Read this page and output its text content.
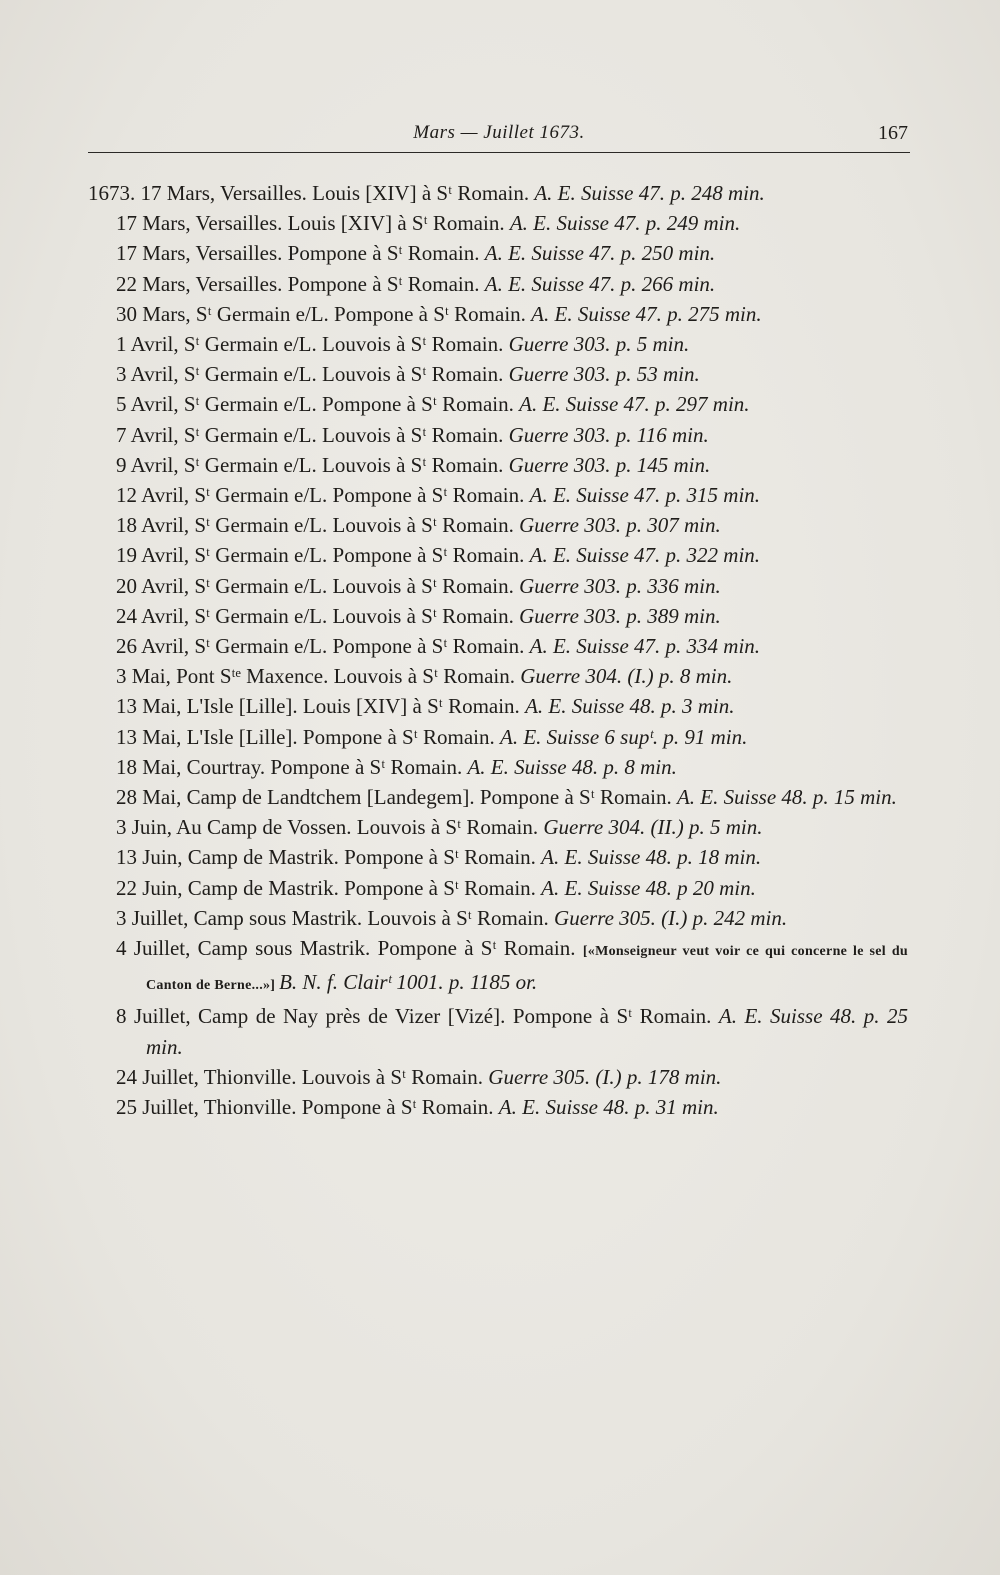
Mars — Juillet 1673.	167
1673. 17 Mars, Versailles. Louis [XIV] à Sᵗ Romain. A. E. Suisse 47. p. 248 min.
17 Mars, Versailles. Louis [XIV] à Sᵗ Romain. A. E. Suisse 47. p. 249 min.
17 Mars, Versailles. Pompone à Sᵗ Romain. A. E. Suisse 47. p. 250 min.
22 Mars, Versailles. Pompone à Sᵗ Romain. A. E. Suisse 47. p. 266 min.
30 Mars, Sᵗ Germain e/L. Pompone à Sᵗ Romain. A. E. Suisse 47. p. 275 min.
1 Avril, Sᵗ Germain e/L. Louvois à Sᵗ Romain. Guerre 303. p. 5 min.
3 Avril, Sᵗ Germain e/L. Louvois à Sᵗ Romain. Guerre 303. p. 53 min.
5 Avril, Sᵗ Germain e/L. Pompone à Sᵗ Romain. A. E. Suisse 47. p. 297 min.
7 Avril, Sᵗ Germain e/L. Louvois à Sᵗ Romain. Guerre 303. p. 116 min.
9 Avril, Sᵗ Germain e/L. Louvois à Sᵗ Romain. Guerre 303. p. 145 min.
12 Avril, Sᵗ Germain e/L. Pompone à Sᵗ Romain. A. E. Suisse 47. p. 315 min.
18 Avril, Sᵗ Germain e/L. Louvois à Sᵗ Romain. Guerre 303. p. 307 min.
19 Avril, Sᵗ Germain e/L. Pompone à Sᵗ Romain. A. E. Suisse 47. p. 322 min.
20 Avril, Sᵗ Germain e/L. Louvois à Sᵗ Romain. Guerre 303. p. 336 min.
24 Avril, Sᵗ Germain e/L. Louvois à Sᵗ Romain. Guerre 303. p. 389 min.
26 Avril, Sᵗ Germain e/L. Pompone à Sᵗ Romain. A. E. Suisse 47. p. 334 min.
3 Mai, Pont Sᵗᵉ Maxence. Louvois à Sᵗ Romain. Guerre 304. (I.) p. 8 min.
13 Mai, L'Isle [Lille]. Louis [XIV] à Sᵗ Romain. A. E. Suisse 48. p. 3 min.
13 Mai, L'Isle [Lille]. Pompone à Sᵗ Romain. A. E. Suisse 6 supᵗ. p. 91 min.
18 Mai, Courtray. Pompone à Sᵗ Romain. A. E. Suisse 48. p. 8 min.
28 Mai, Camp de Landtchem [Landegem]. Pompone à Sᵗ Romain. A. E. Suisse 48. p. 15 min.
3 Juin, Au Camp de Vossen. Louvois à Sᵗ Romain. Guerre 304. (II.) p. 5 min.
13 Juin, Camp de Mastrik. Pompone à Sᵗ Romain. A. E. Suisse 48. p. 18 min.
22 Juin, Camp de Mastrik. Pompone à Sᵗ Romain. A. E. Suisse 48. p 20 min.
3 Juillet, Camp sous Mastrik. Louvois à Sᵗ Romain. Guerre 305. (I.) p. 242 min.
4 Juillet, Camp sous Mastrik. Pompone à Sᵗ Romain. [«Monseigneur veut voir ce qui concerne le sel du Canton de Berne...»] B. N. f. Clairᵗ 1001. p. 1185 or.
8 Juillet, Camp de Nay près de Vizer [Vizé]. Pompone à Sᵗ Romain. A. E. Suisse 48. p. 25 min.
24 Juillet, Thionville. Louvois à Sᵗ Romain. Guerre 305. (I.) p. 178 min.
25 Juillet, Thionville. Pompone à Sᵗ Romain. A. E. Suisse 48. p. 31 min.
